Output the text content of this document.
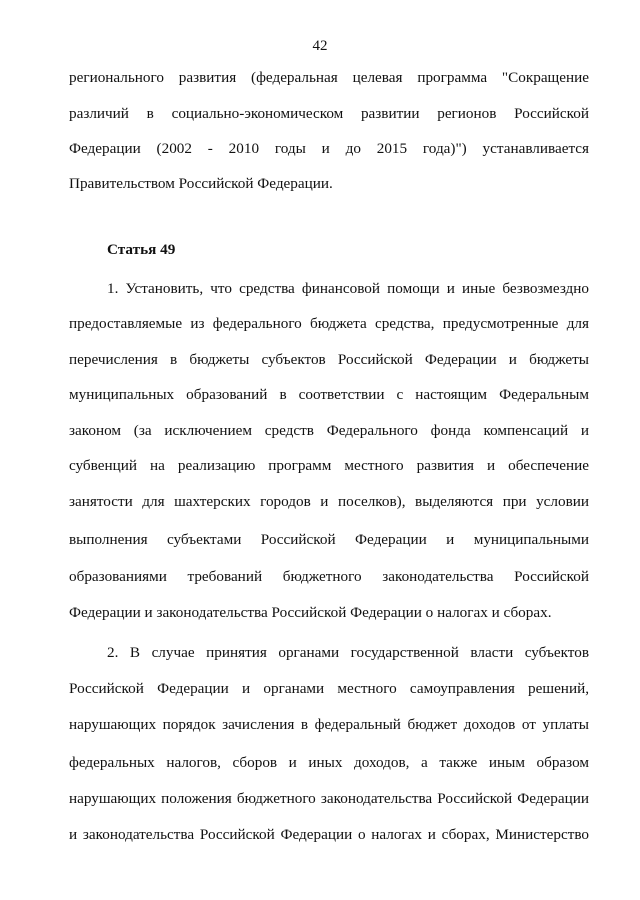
42
регионального развития (федеральная целевая программа "Сокращение
различий в социально-экономическом развитии регионов Российской
Федерации (2002 - 2010 годы и до 2015 года)") устанавливается
Правительством Российской Федерации.
Статья 49
1. Установить, что средства финансовой помощи и иные безвозмездно
предоставляемые из федерального бюджета средства, предусмотренные для
перечисления в бюджеты субъектов Российской Федерации и бюджеты
муниципальных образований в соответствии с настоящим Федеральным
законом (за исключением средств Федерального фонда компенсаций и
субвенций на реализацию программ местного развития и обеспечение
занятости для шахтерских городов и поселков), выделяются при условии
выполнения субъектами Российской Федерации и муниципальными
образованиями требований бюджетного законодательства Российской
Федерации и законодательства Российской Федерации о налогах и сборах.
2. В случае принятия органами государственной власти субъектов
Российской Федерации и органами местного самоуправления решений,
нарушающих порядок зачисления в федеральный бюджет доходов от уплаты
федеральных налогов, сборов и иных доходов, а также иным образом
нарушающих положения бюджетного законодательства Российской Федерации
и законодательства Российской Федерации о налогах и сборах, Министерство
